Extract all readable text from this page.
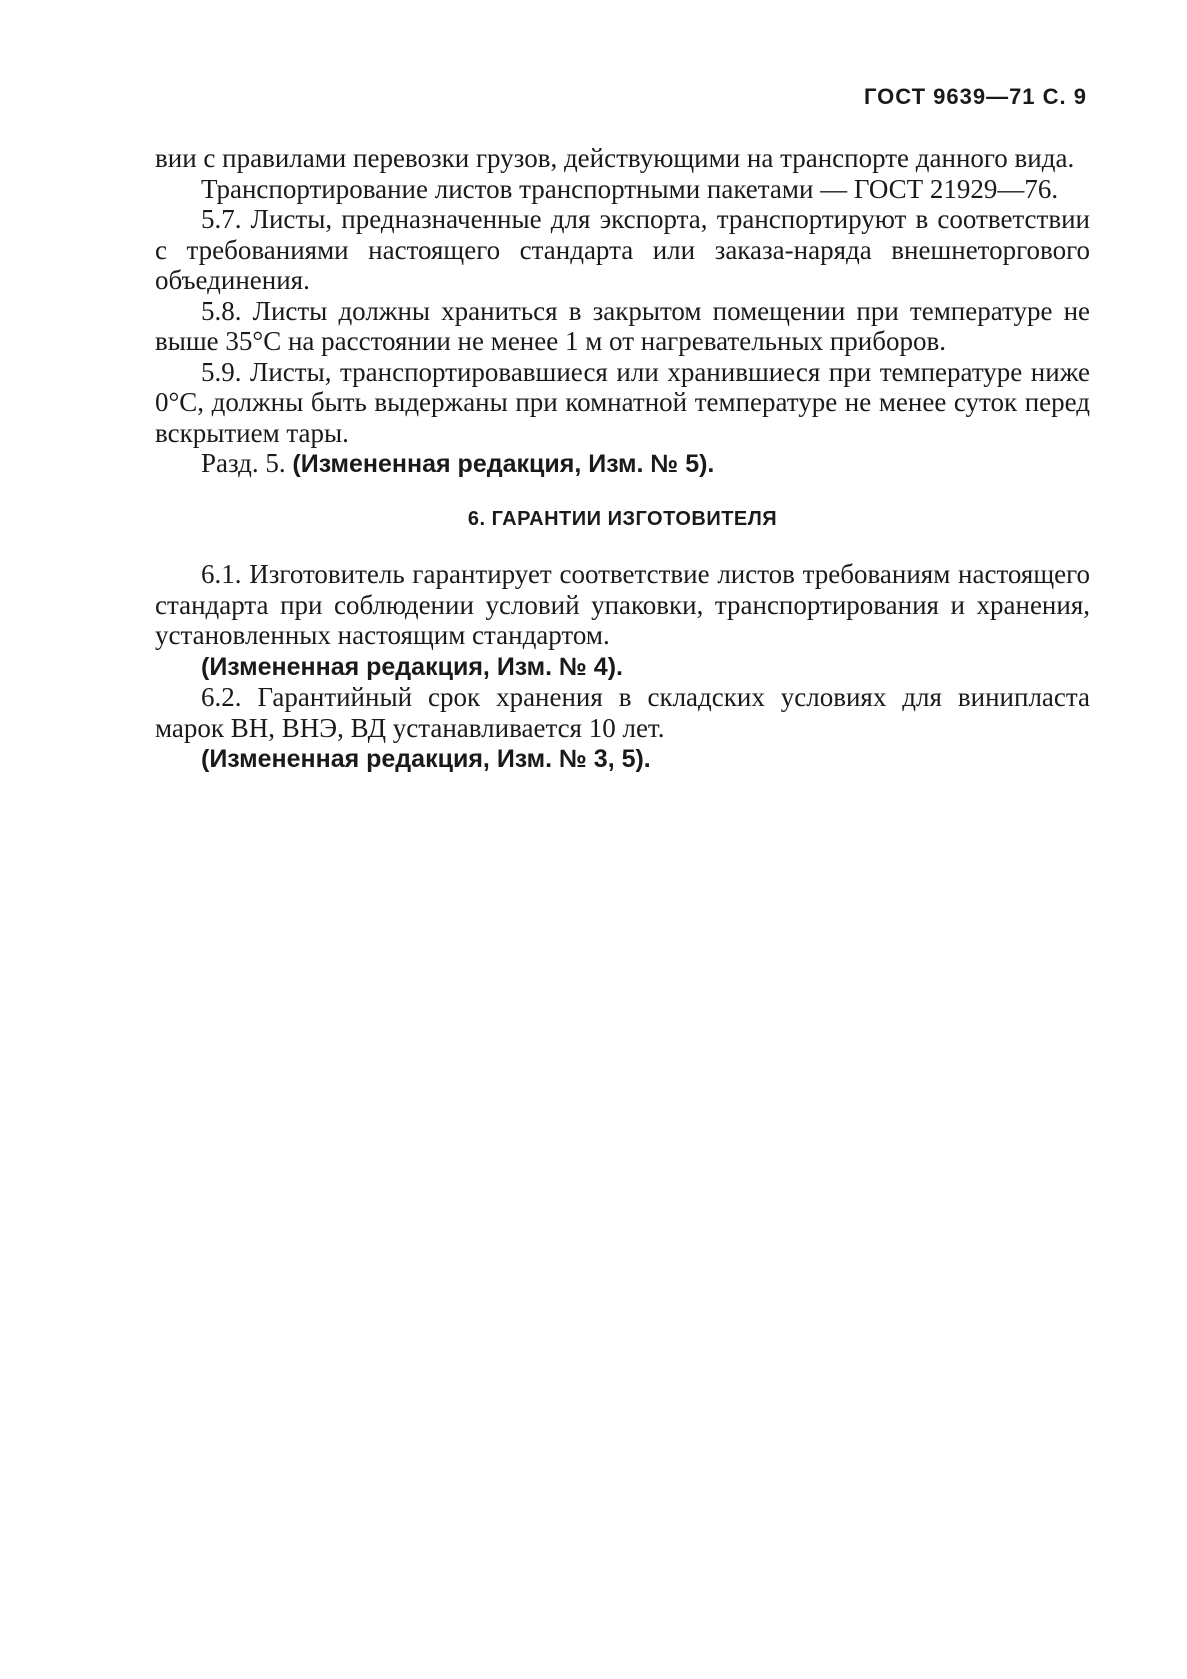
ГОСТ 9639—71 С. 9

вии с правилами перевозки грузов, действующими на транспорте данного вида.

Транспортирование листов транспортными пакетами — ГОСТ 21929—76.

5.7. Листы, предназначенные для экспорта, транспортируют в соответствии с требованиями настоящего стандарта или заказа-наряда внешнеторгового объединения.

5.8. Листы должны храниться в закрытом помещении при температуре не выше 35°С на расстоянии не менее 1 м от нагревательных приборов.

5.9. Листы, транспортировавшиеся или хранившиеся при температуре ниже 0°С, должны быть выдержаны при комнатной температуре не менее суток перед вскрытием тары.

Разд. 5. (Измененная редакция, Изм. № 5).

6. ГАРАНТИИ ИЗГОТОВИТЕЛЯ

6.1. Изготовитель гарантирует соответствие листов требованиям настоящего стандарта при соблюдении условий упаковки, транспортирования и хранения, установленных настоящим стандартом.

(Измененная редакция, Изм. № 4).

6.2. Гарантийный срок хранения в складских условиях для винипласта марок ВН, ВНЭ, ВД устанавливается 10 лет.

(Измененная редакция, Изм. № 3, 5).
